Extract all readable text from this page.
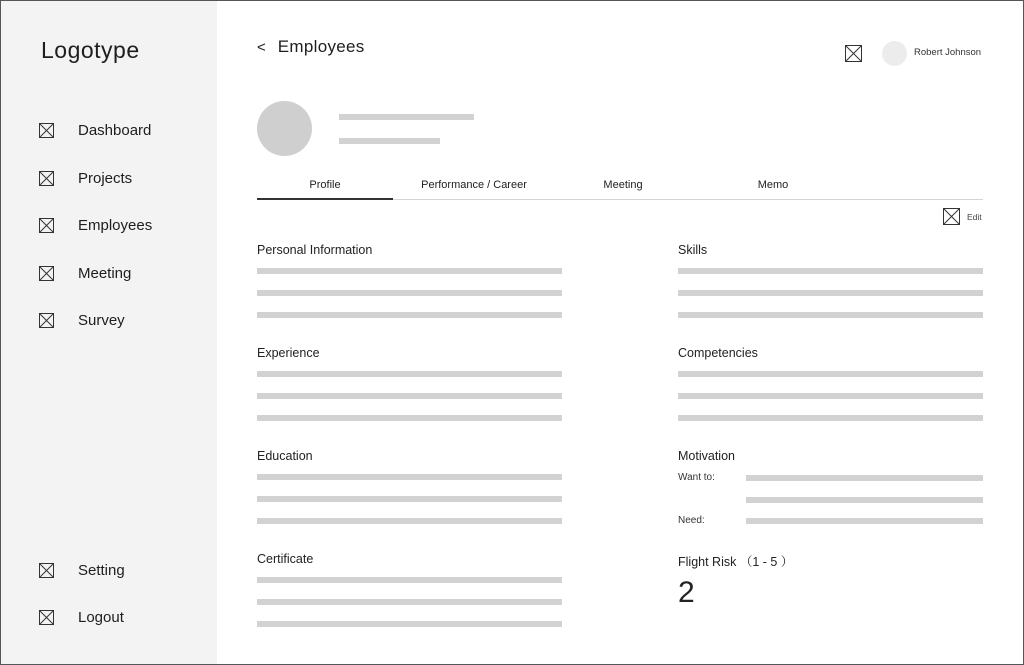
Logotype
Dashboard
Projects
Employees
Meeting
Survey
Setting
Logout
< Employees	Robert Johnson
Profile	Performance / Career	Meeting	Memo
Edit
Personal Information
Experience
Education
Certificate
Skills
Competencies
Motivation
Want to:
Need:
Flight Risk （1 - 5 ）
2
